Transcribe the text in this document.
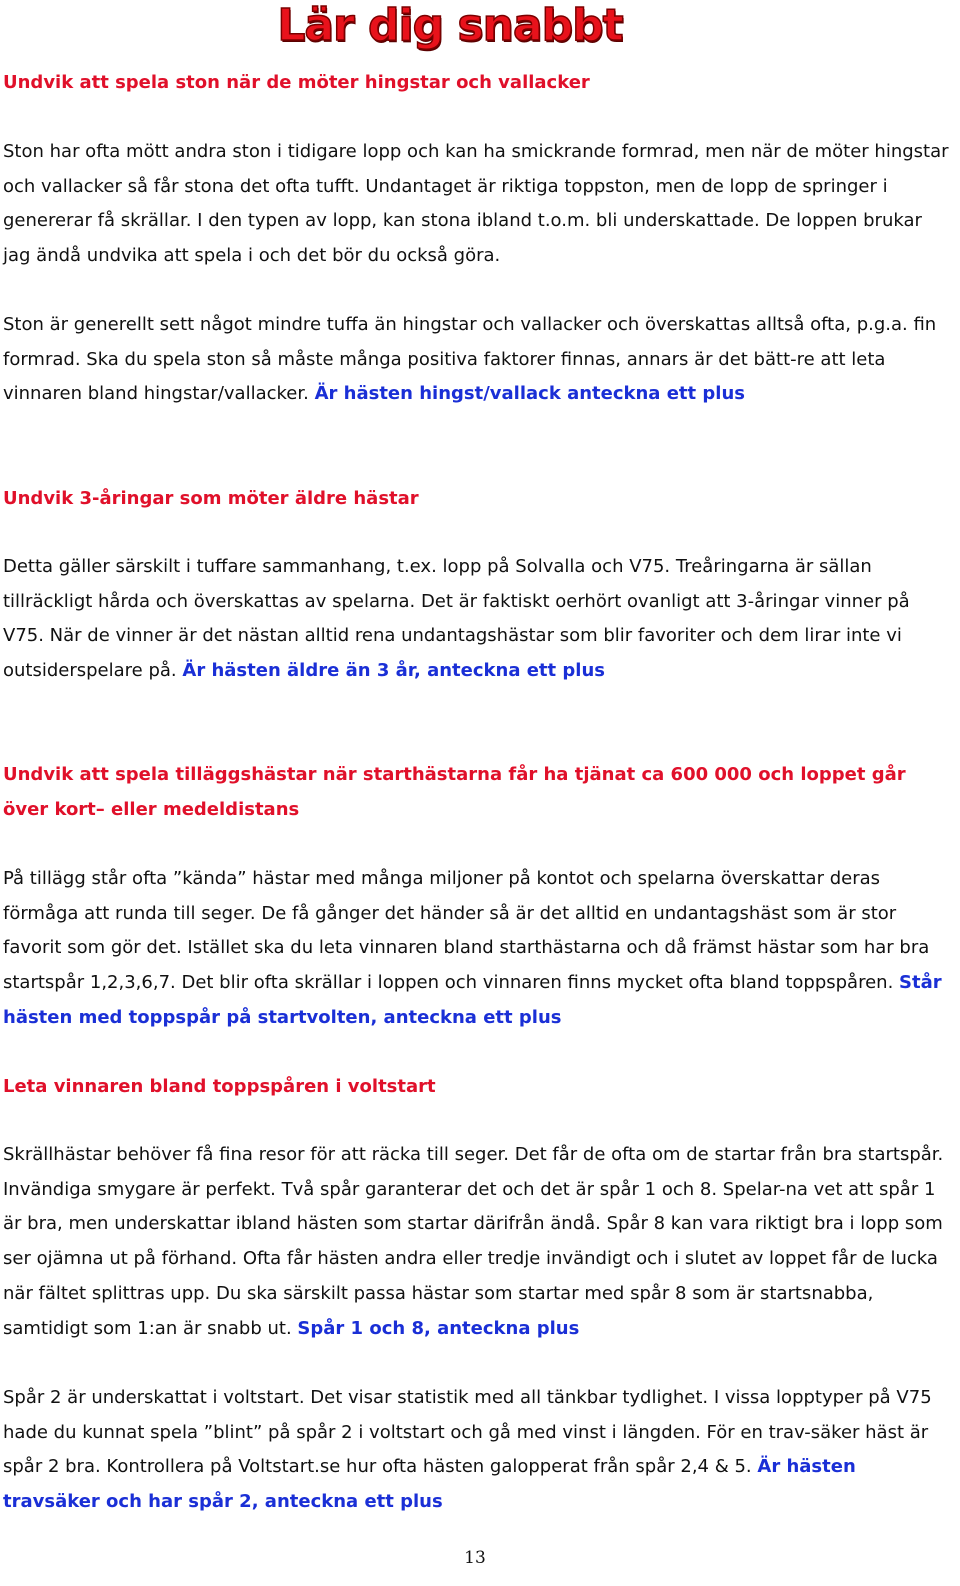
Lär dig snabbt
Undvik att spela ston när de möter hingstar och vallacker

Ston har ofta mött andra ston i tidigare lopp och kan ha smickrande formrad, men när de möter hingstar och vallacker så får stona det ofta tufft. Undantaget är riktiga toppston, men de lopp de springer i genererar få skrällar. I den typen av lopp, kan stona ibland t.o.m. bli underskattade. De loppen brukar jag ändå undvika att spela i och det bör du också göra.

Ston är generellt sett något mindre tuffa än hingstar och vallacker och överskattas alltså ofta, p.g.a. fin formrad. Ska du spela ston så måste många positiva faktorer finnas, annars är det bätt-re att leta vinnaren bland hingstar/vallacker. Är hästen hingst/vallack anteckna ett plus

Undvik 3-åringar som möter äldre hästar

Detta gäller särskilt i tuffare sammanhang, t.ex. lopp på Solvalla och V75. Treåringarna är sällan tillräckligt hårda och överskattas av spelarna. Det är faktiskt oerhört ovanligt att 3-åringar vinner på V75. När de vinner är det nästan alltid rena undantagshästar som blir favoriter och dem lirar inte vi outsiderspelare på. Är hästen äldre än 3 år, anteckna ett plus

Undvik att spela tilläggshästar när starthästarna får ha tjänat ca 600 000 och loppet går över kort– eller medeldistans

På tillägg står ofta ”kända” hästar med många miljoner på kontot och spelarna överskattar deras förmåga att runda till seger. De få gånger det händer så är det alltid en undantagshäst som är stor favorit som gör det. Istället ska du leta vinnaren bland starthästarna och då främst hästar som har bra startspår 1,2,3,6,7. Det blir ofta skrällar i loppen och vinnaren finns mycket ofta bland toppspåren. Står hästen med toppspår på startvolten, anteckna ett plus

Leta vinnaren bland toppspåren i voltstart

Skrällhästar behöver få fina resor för att räcka till seger. Det får de ofta om de startar från bra startspår. Invändiga smygare är perfekt. Två spår garanterar det och det är spår 1 och 8. Spelar-na vet att spår 1 är bra, men underskattar ibland hästen som startar därifrån ändå. Spår 8 kan vara riktigt bra i lopp som ser ojämna ut på förhand. Ofta får hästen andra eller tredje invändigt och i slutet av loppet får de lucka när fältet splittras upp. Du ska särskilt passa hästar som startar med spår 8 som är startsnabba, samtidigt som 1:an är snabb ut. Spår 1 och 8, anteckna plus

Spår 2 är underskattat i voltstart. Det visar statistik med all tänkbar tydlighet. I vissa lopptyper på V75 hade du kunnat spela ”blint” på spår 2 i voltstart och gå med vinst i längden. För en trav-säker häst är spår 2 bra. Kontrollera på Voltstart.se hur ofta hästen galopperat från spår 2,4 & 5. Är hästen travsäker och har spår 2, anteckna ett plus

13
